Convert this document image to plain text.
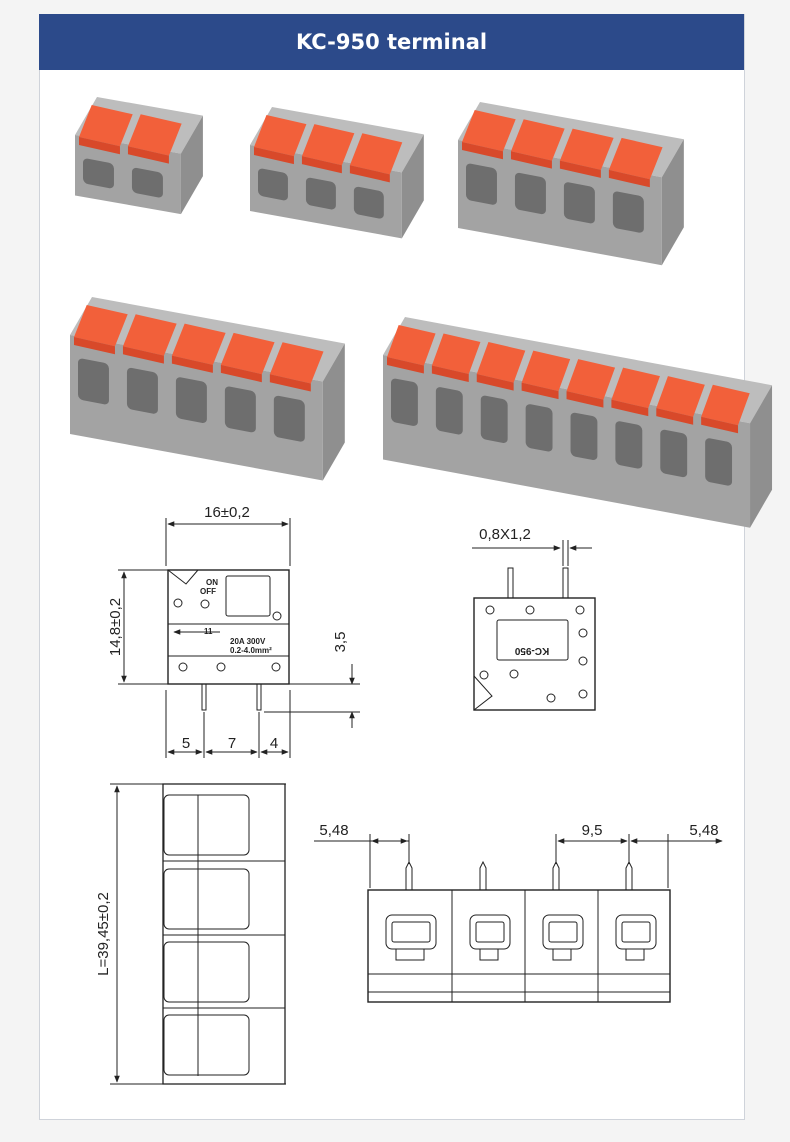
KC-950 terminal
16±0,2
14,8±0,2	3,5
5	7 4
ON
OFF
11
20A 300V
0.2-4.0mm²
0,8X1,2
KC-950
L=39,45±0,2
5,48	9,5	5,48
